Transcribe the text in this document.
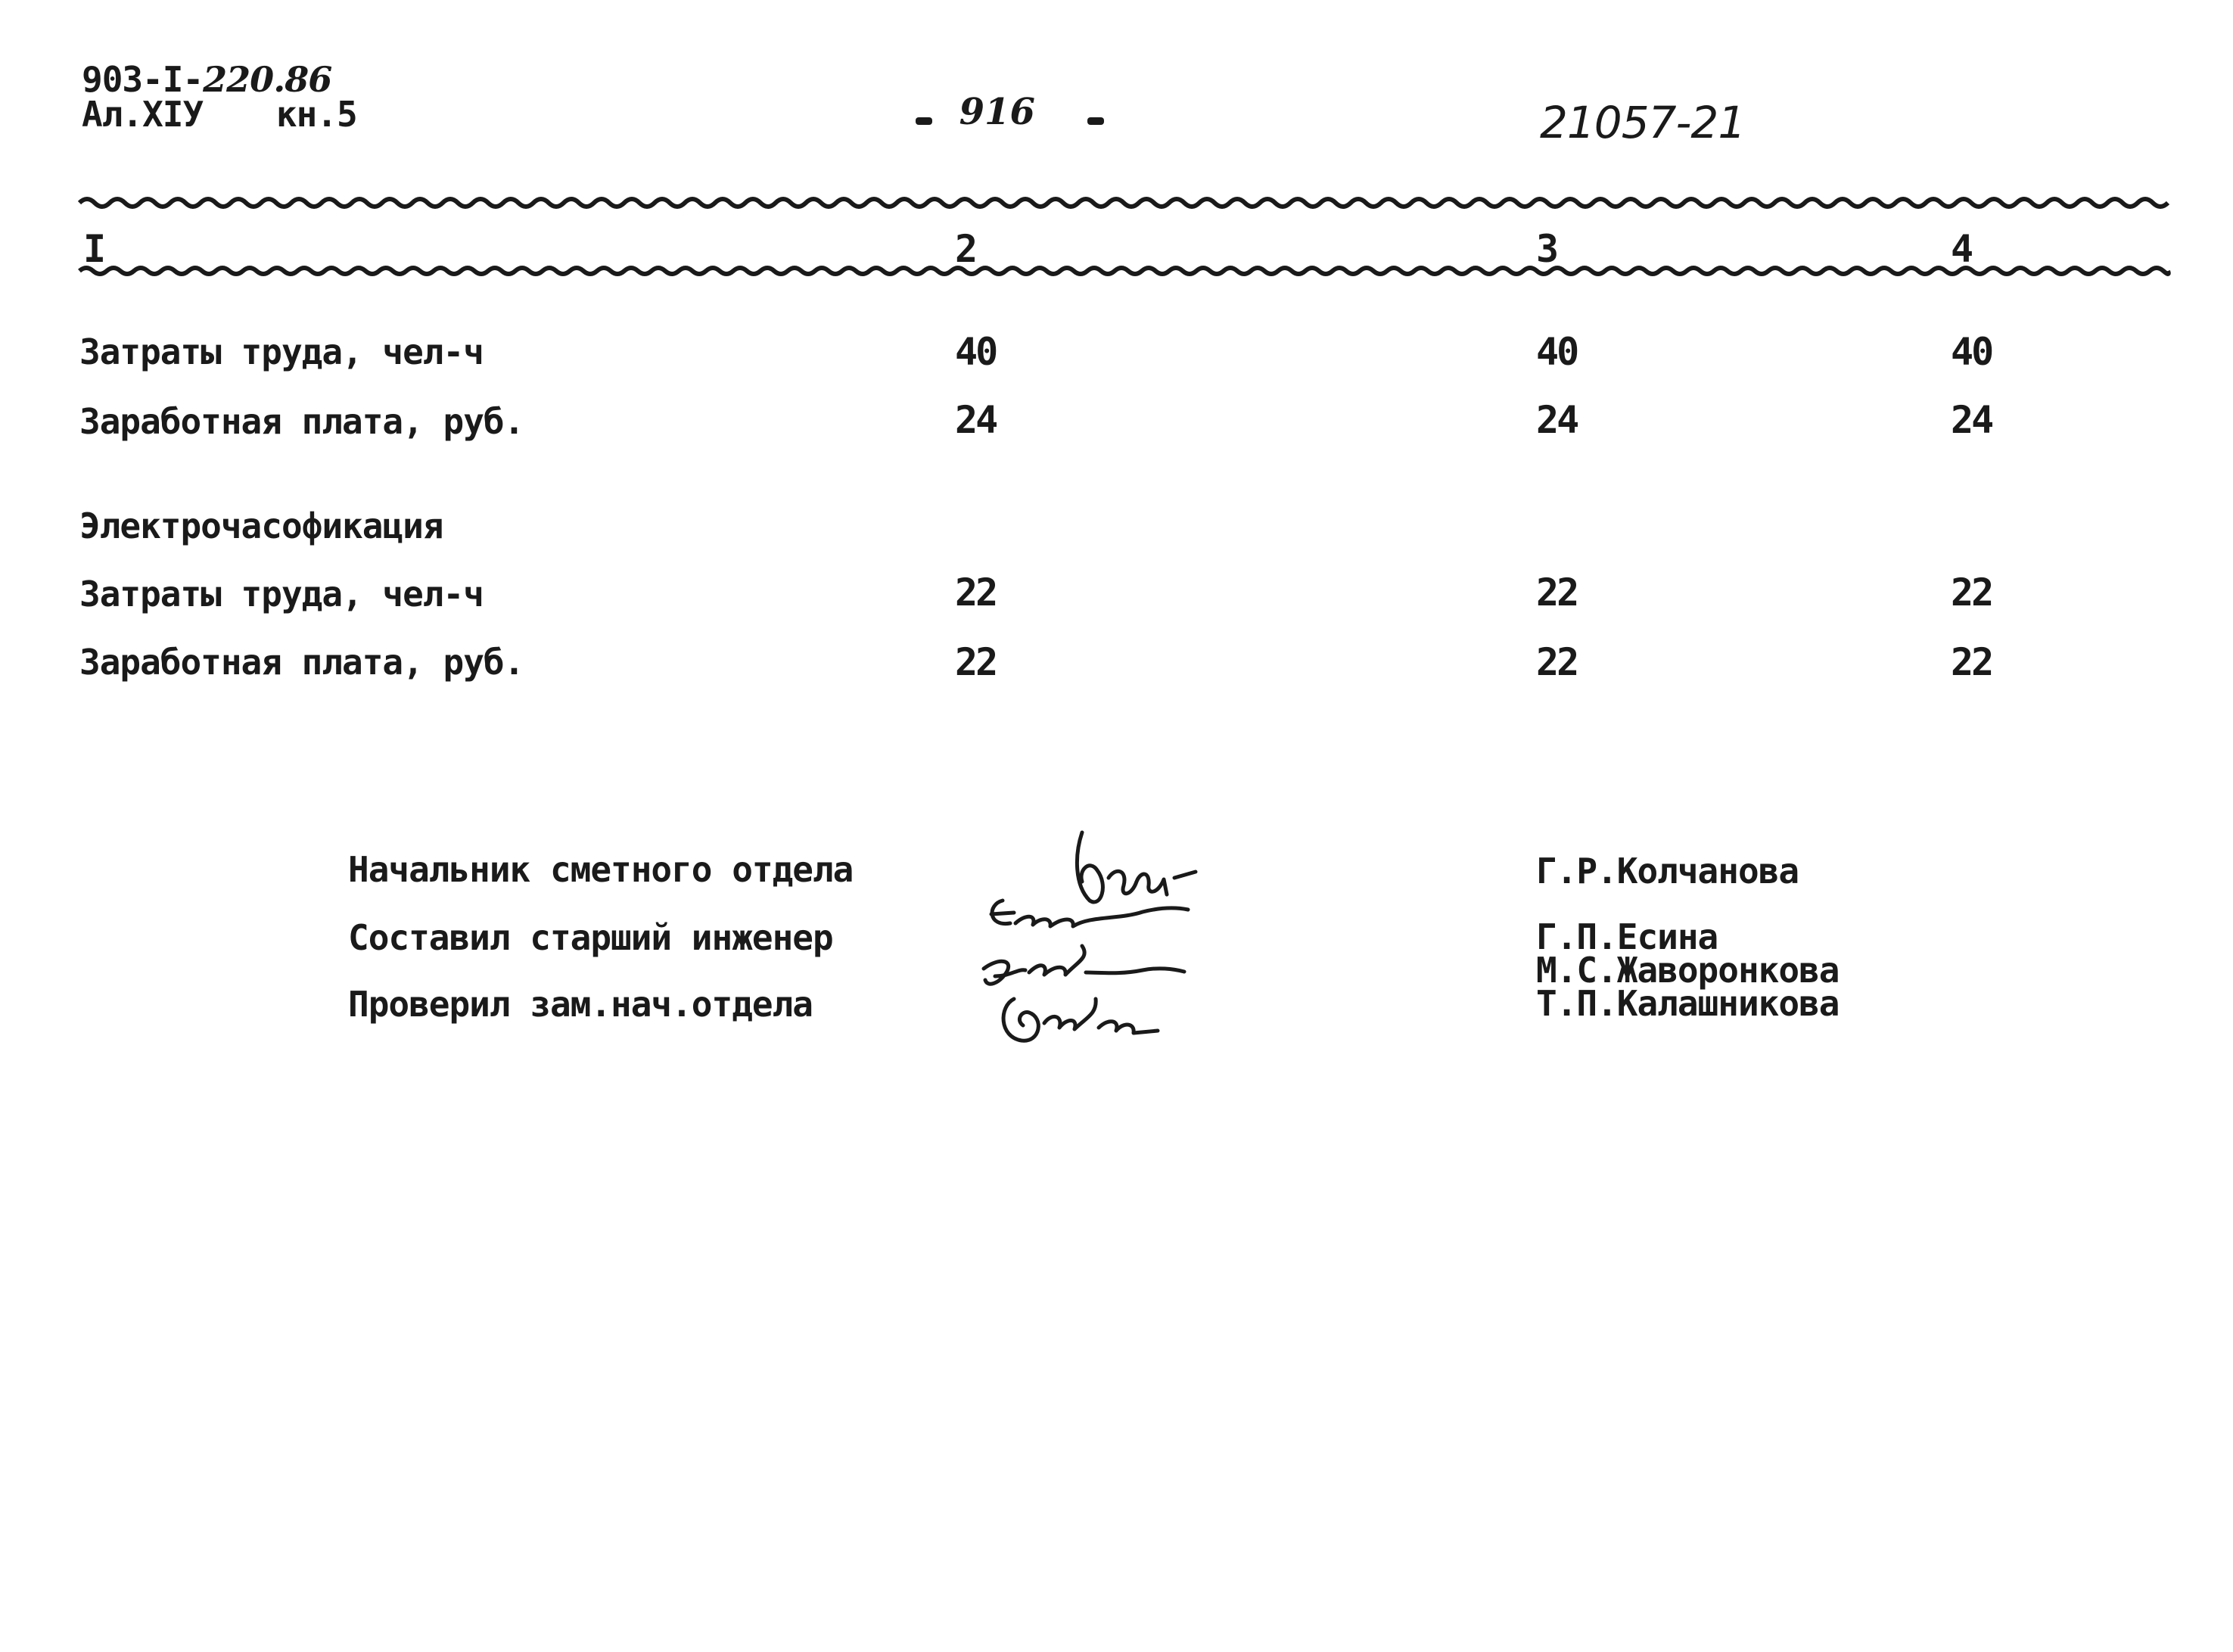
903-I-220.86
Ал.XIУ кн.5	916	21057-21
I	2	3	4
Затраты труда, чел-ч	40	40	40
Заработная плата, руб.	24	24	24
Электрочасофикация
Затраты труда, чел-ч	22	22	22
Заработная плата, руб.	22	22	22
Начальник сметного отдела
Составил старший инженер
Проверил зам.нач.отдела
Г.Р.Колчанова
Г.П.Есина
М.С.Жаворонкова
Т.П.Калашникова
